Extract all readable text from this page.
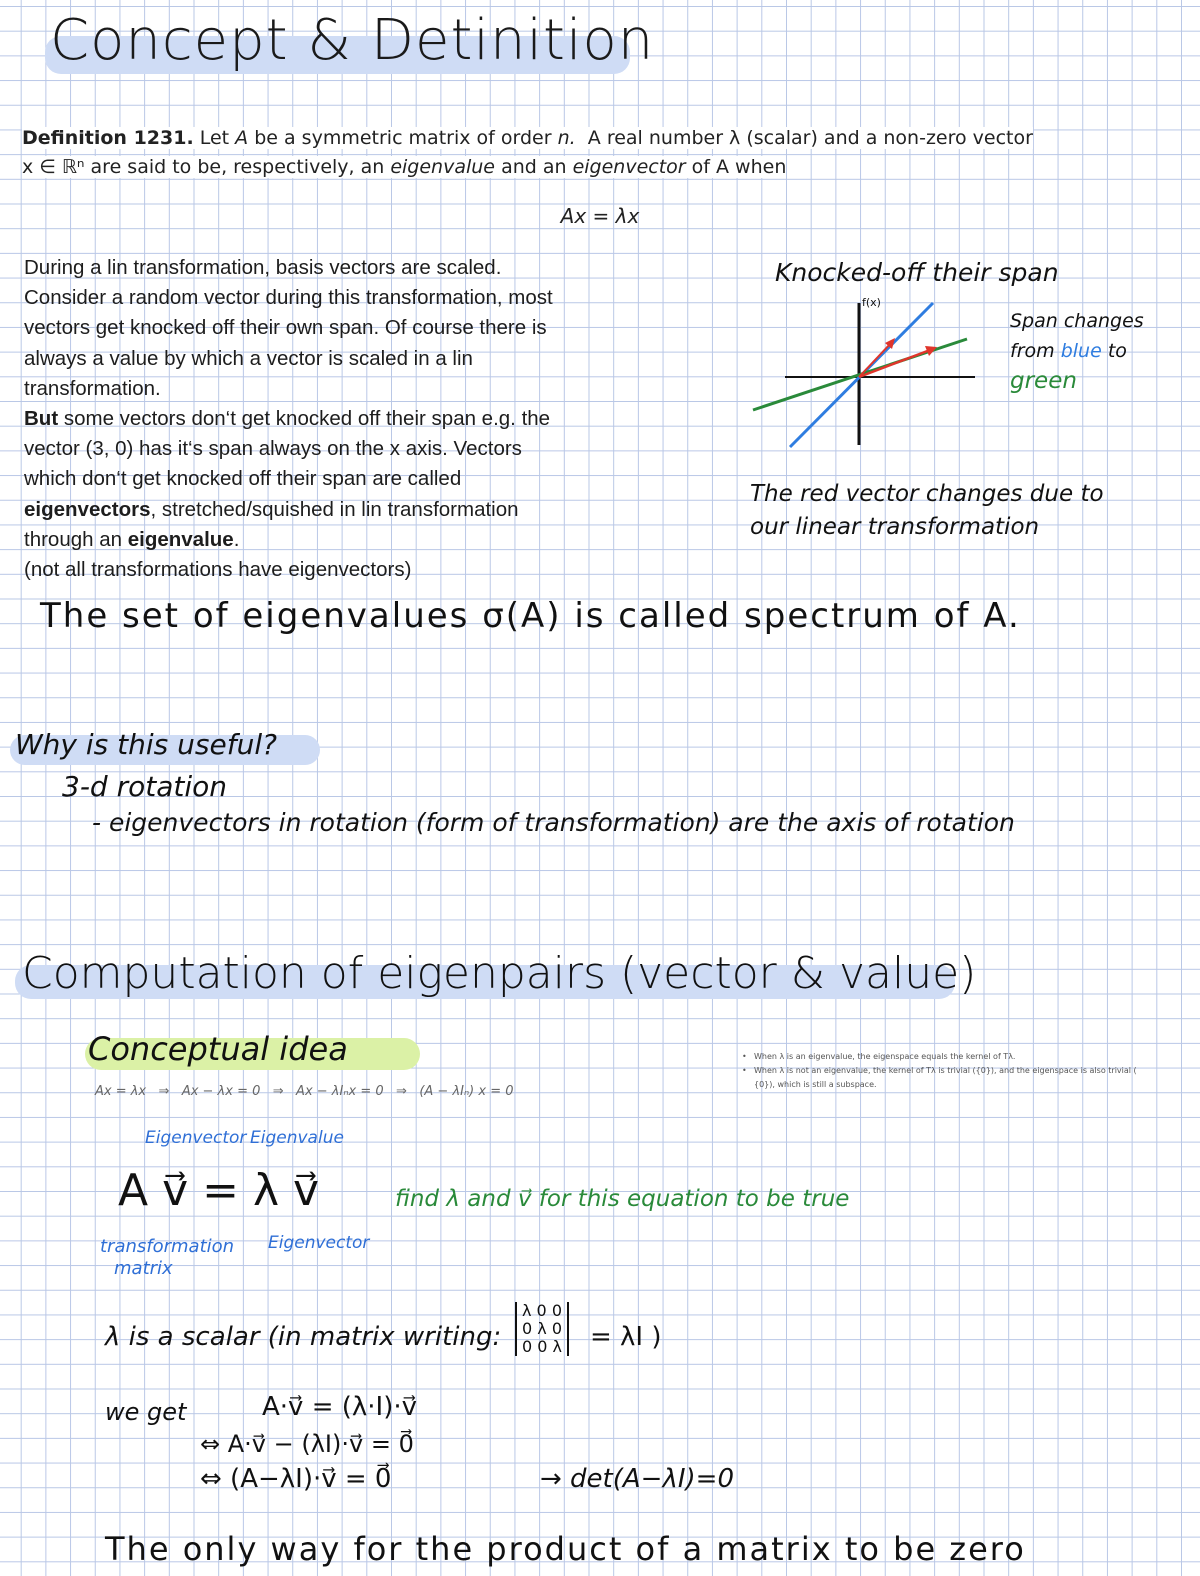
Concept & Detinition
Definition 1231. Let A be a symmetric matrix of order n. A real number λ (scalar) and a non-zero vector
x ∈ ℝⁿ are said to be, respectively, an eigenvalue and an eigenvector of A when
Ax = λx
During a lin transformation, basis vectors are scaled.
Consider a random vector during this transformation, most
vectors get knocked off their own span. Of course there is
always a value by which a vector is scaled in a lin
transformation.
But some vectors don‘t get knocked off their span e.g. the
vector (3, 0) has it‘s span always on the x axis. Vectors
which don‘t get knocked off their span are called
eigenvectors, stretched/squished in lin transformation
through an eigenvalue.
(not all transformations have eigenvectors)
Knocked-off their span
f(x)
Span changes
from blue to
green
The red vector changes due to
our linear transformation
The set of eigenvalues σ(A) is called spectrum of A.
Why is this useful?
3-d rotation
- eigenvectors in rotation (form of transformation) are the axis of rotation
Computation of eigenpairs (vector & value)
Conceptual idea
Ax = λx   ⇒   Ax − λx = 0   ⇒   Ax − λIₙx = 0   ⇒   (A − λIₙ) x = 0
• When λ is an eigenvalue, the eigenspace equals the kernel of Tλ.
• When λ is not an eigenvalue, the kernel of Tλ is trivial ({0}), and the eigenspace is also trivial (
{0}), which is still a subspace.
Eigenvector Eigenvalue
A v⃗ = λ v⃗
transformation
matrix
Eigenvector
find λ and v⃗ for this equation to be true
λ is a scalar (in matrix writing:
λ 0 0
0 λ 0
0 0 λ = λI )
we get	A·v⃗ = (λ·I)·v⃗
⇔ A·v⃗ − (λI)·v⃗ = 0⃗
⇔ (A−λI)·v⃗ = 0⃗	→ det(A−λI)=0
The only way for the product of a matrix to be zero
